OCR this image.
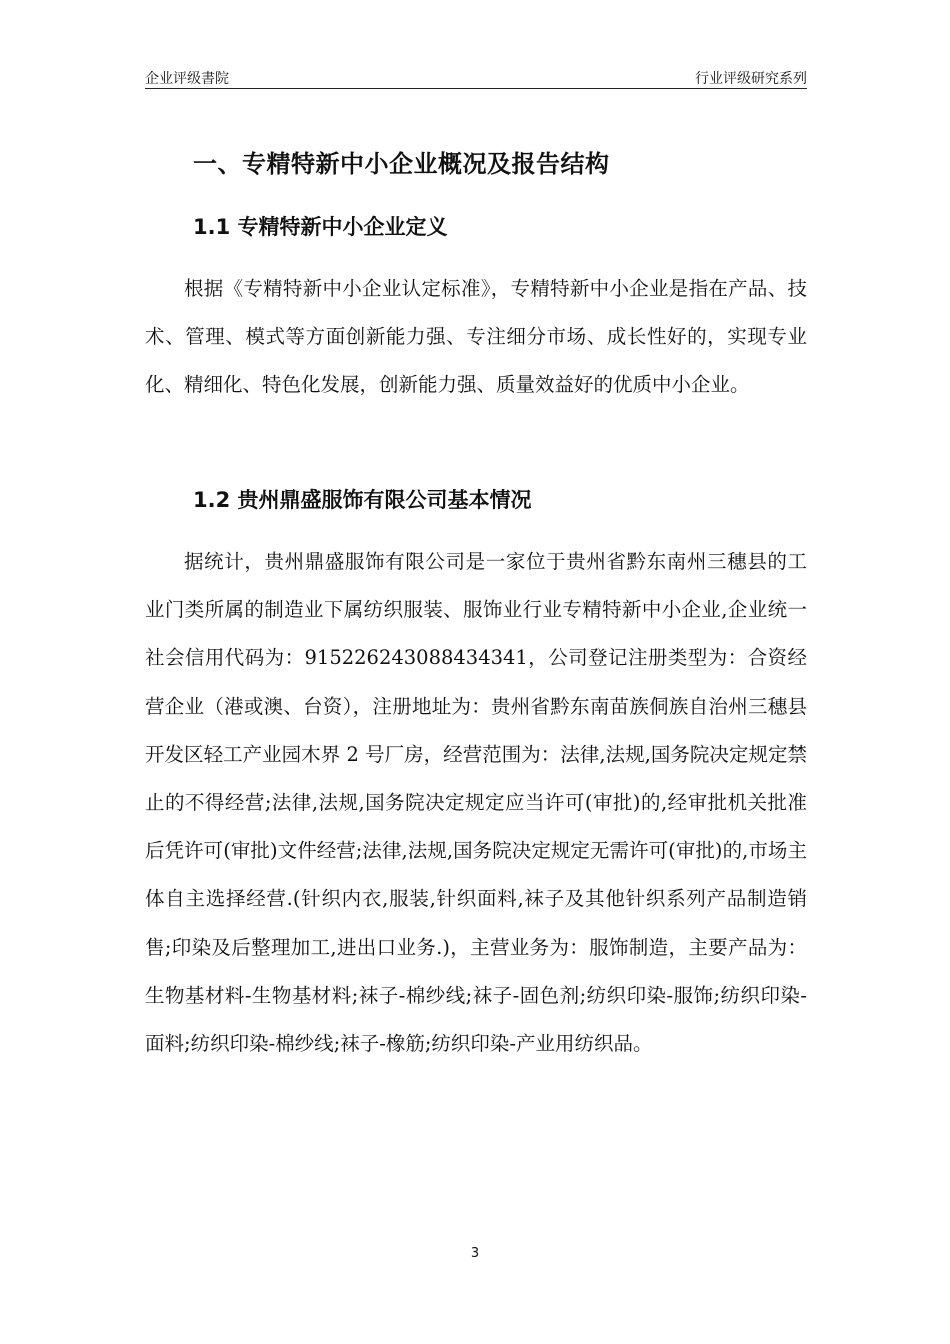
企业评级書院	行业评级研究系列
一、专精特新中小企业概况及报告结构
1.1 专精特新中小企业定义

根据《专精特新中小企业认定标准》，专精特新中小企业是指在产品、技术、管理、模式等方面创新能力强、专注细分市场、成长性好的，实现专业化、精细化、特色化发展，创新能力强、质量效益好的优质中小企业。

1.2 贵州鼎盛服饰有限公司基本情况

据统计，贵州鼎盛服饰有限公司是一家位于贵州省黔东南州三穗县的工业门类所属的制造业下属纺织服装、服饰业行业专精特新中小企业,企业统一社会信用代码为：915226243088434341，公司登记注册类型为：合资经营企业（港或澳、台资），注册地址为：贵州省黔东南苗族侗族自治州三穗县开发区轻工产业园木界 2 号厂房，经营范围为：法律,法规,国务院决定规定禁止的不得经营;法律,法规,国务院决定规定应当许可(审批)的,经审批机关批准后凭许可(审批)文件经营;法律,法规,国务院决定规定无需许可(审批)的,市场主体自主选择经营.(针织内衣,服装,针织面料,袜子及其他针织系列产品制造销售;印染及后整理加工,进出口业务.)，主营业务为：服饰制造，主要产品为：生物基材料-生物基材料;袜子-棉纱线;袜子-固色剂;纺织印染-服饰;纺织印染-面料;纺织印染-棉纱线;袜子-橡筋;纺织印染-产业用纺织品。

3
